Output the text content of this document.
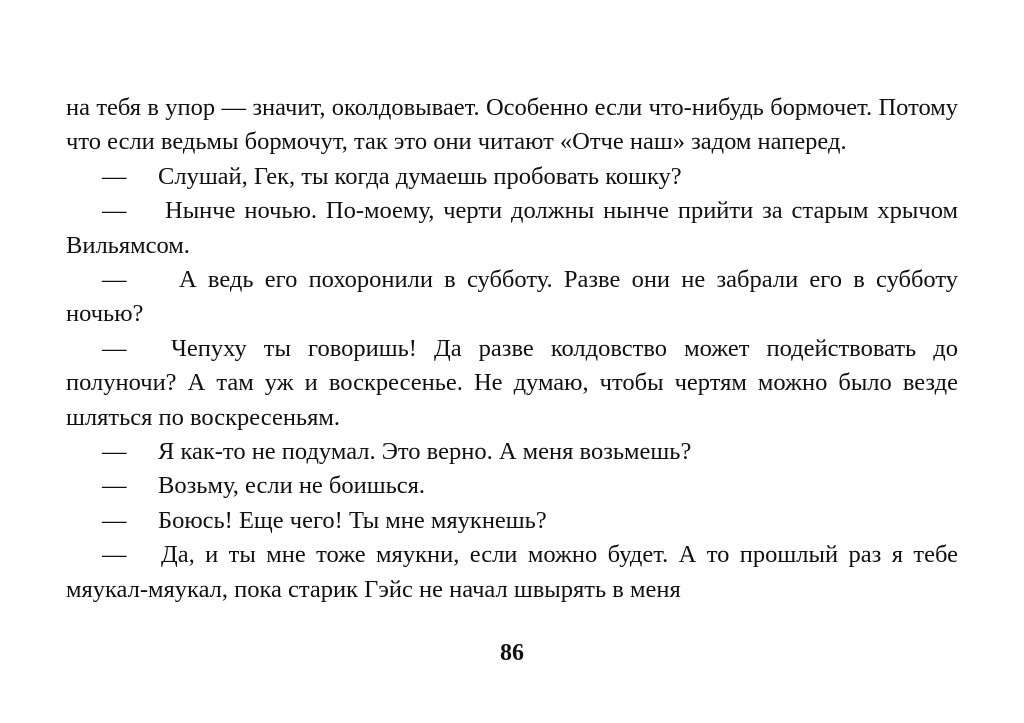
на тебя в упор — значит, околдовывает. Особенно если что-нибудь бормочет. Потому что если ведьмы бормочут, так это они читают «Отче наш» задом наперед.

— Слушай, Гек, ты когда думаешь пробовать кошку?

— Нынче ночью. По-моему, черти должны нынче прийти за старым хрычом Вильямсом.

— А ведь его похоронили в субботу. Разве они не забрали его в субботу ночью?

— Чепуху ты говоришь! Да разве колдовство может подействовать до полуночи? А там уж и воскресенье. Не думаю, чтобы чертям можно было везде шляться по воскресеньям.

— Я как-то не подумал. Это верно. А меня возьмешь?

— Возьму, если не боишься.

— Боюсь! Еще чего! Ты мне мяукнешь?

— Да, и ты мне тоже мяукни, если можно будет. А то прошлый раз я тебе мяукал-мяукал, пока старик Гэйс не начал швырять в меня

86
